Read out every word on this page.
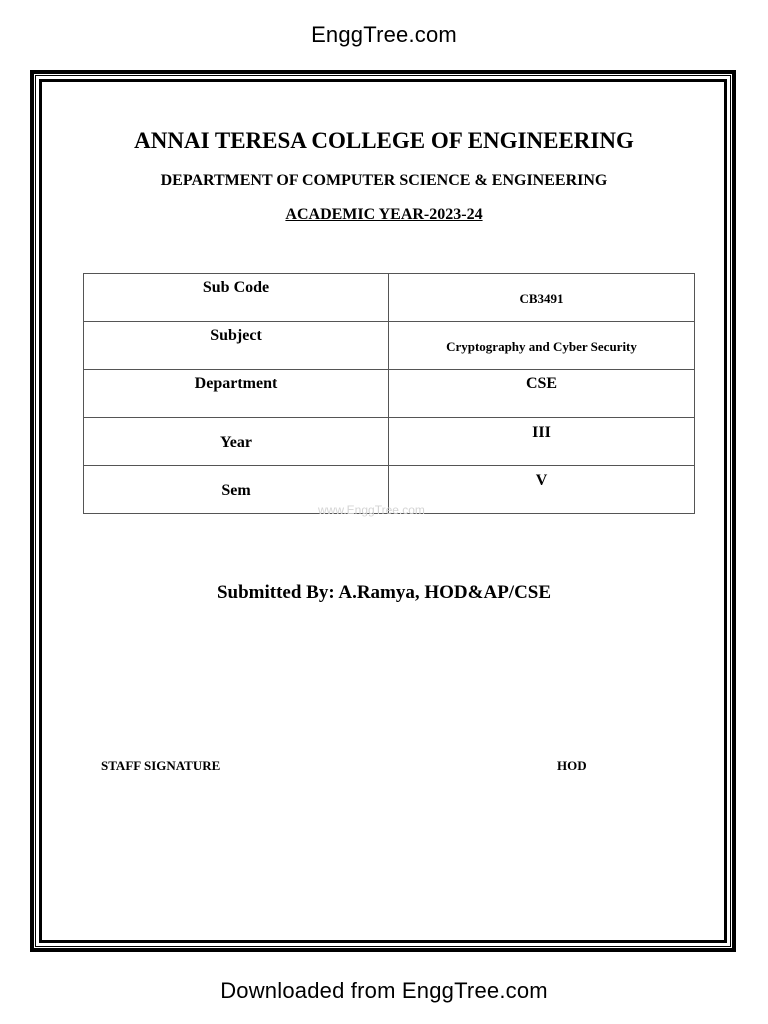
EnggTree.com
ANNAI TERESA COLLEGE OF ENGINEERING
DEPARTMENT OF COMPUTER SCIENCE & ENGINEERING
ACADEMIC YEAR-2023-24
Sub Code	CB3491

Subject	Cryptography and Cyber Security

Department	CSE

Year	III

Sem	V
www.EnggTree.com
Submitted By: A.Ramya, HOD&AP/CSE
STAFF SIGNATURE	HOD
Downloaded from EnggTree.com
